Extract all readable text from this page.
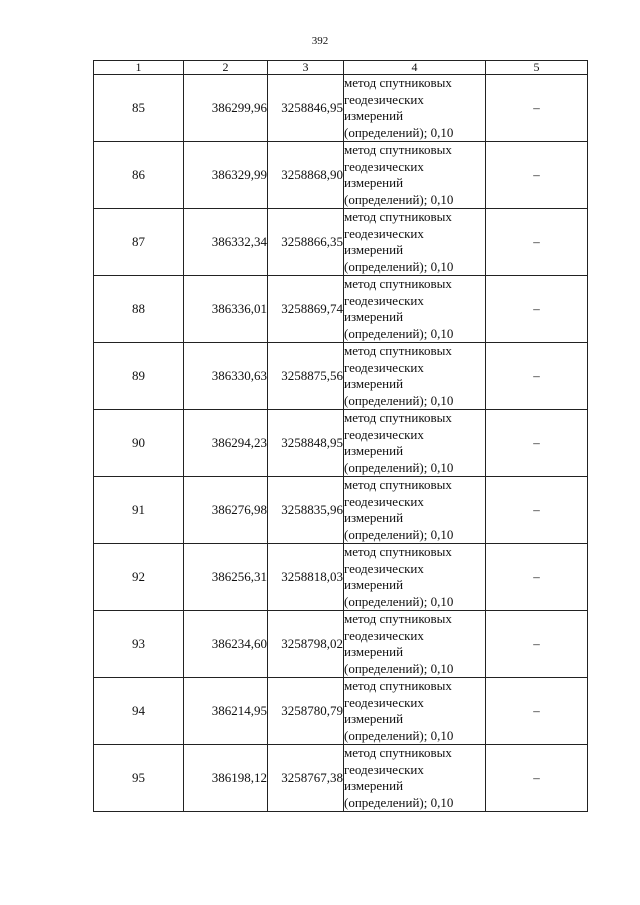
392
1	2	3	4	5
85	386299,96	3258846,95	метод спутниковых
геодезических
измерений
(определений); 0,10	–
86	386329,99	3258868,90	метод спутниковых
геодезических
измерений
(определений); 0,10	–
87	386332,34	3258866,35	метод спутниковых
геодезических
измерений
(определений); 0,10	–
88	386336,01	3258869,74	метод спутниковых
геодезических
измерений
(определений); 0,10	–
89	386330,63	3258875,56	метод спутниковых
геодезических
измерений
(определений); 0,10	–
90	386294,23	3258848,95	метод спутниковых
геодезических
измерений
(определений); 0,10	–
91	386276,98	3258835,96	метод спутниковых
геодезических
измерений
(определений); 0,10	–
92	386256,31	3258818,03	метод спутниковых
геодезических
измерений
(определений); 0,10	–
93	386234,60	3258798,02	метод спутниковых
геодезических
измерений
(определений); 0,10	–
94	386214,95	3258780,79	метод спутниковых
геодезических
измерений
(определений); 0,10	–
95	386198,12	3258767,38	метод спутниковых
геодезических
измерений
(определений); 0,10	–
